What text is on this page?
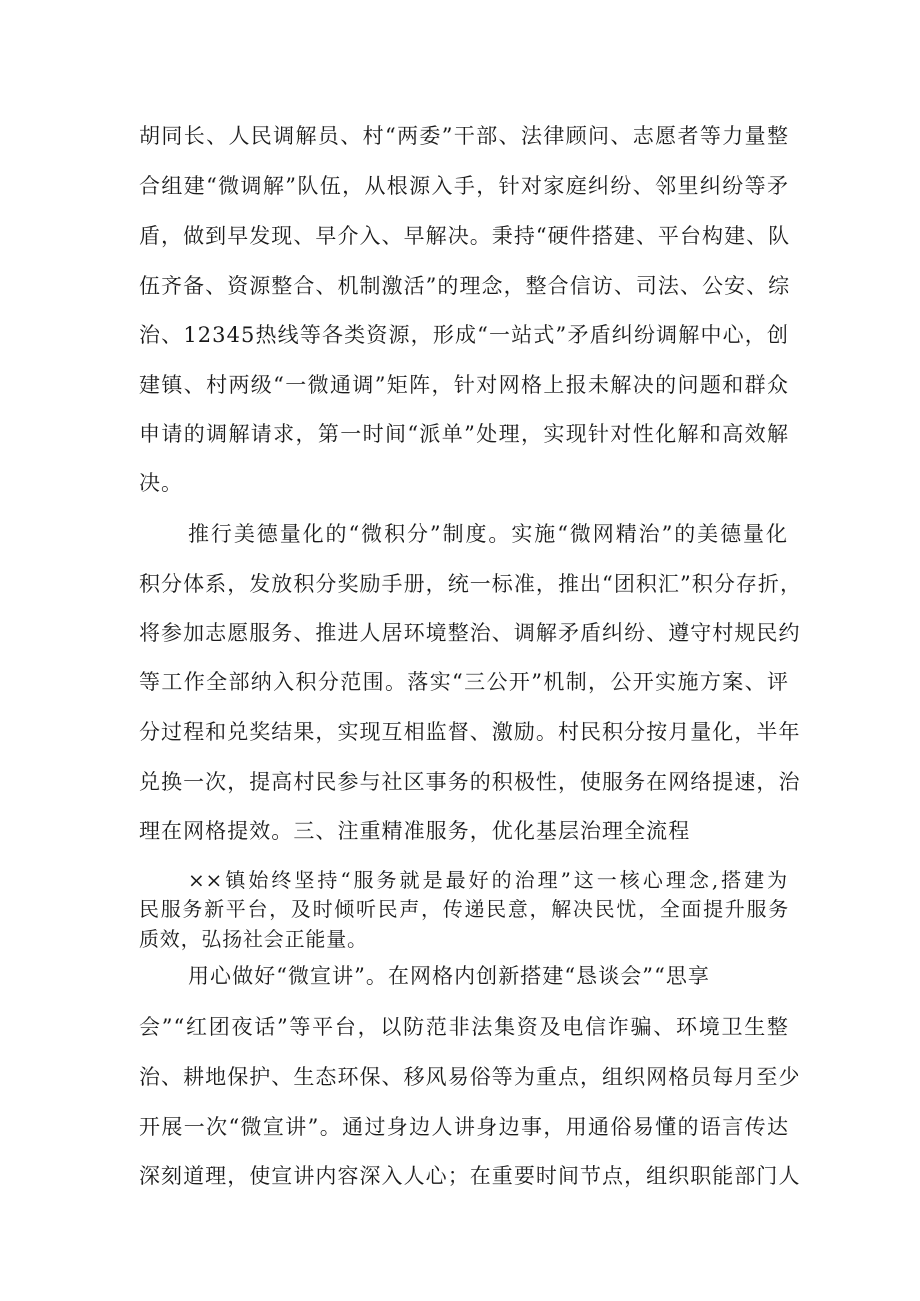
胡同长、人民调解员、村“两委”干部、法律顾问、志愿者等力量整
合组建“微调解”队伍，从根源入手，针对家庭纠纷、邻里纠纷等矛
盾，做到早发现、早介入、早解决。秉持“硬件搭建、平台构建、队
伍齐备、资源整合、机制激活”的理念，整合信访、司法、公安、综
治、12345热线等各类资源，形成“一站式”矛盾纠纷调解中心，创
建镇、村两级“一微通调”矩阵，针对网格上报未解决的问题和群众
申请的调解请求，第一时间“派单”处理，实现针对性化解和高效解
决。
推行美德量化的“微积分”制度。实施“微网精治”的美德量化
积分体系，发放积分奖励手册，统一标准，推出“团积汇”积分存折，
将参加志愿服务、推进人居环境整治、调解矛盾纠纷、遵守村规民约
等工作全部纳入积分范围。落实“三公开”机制，公开实施方案、评
分过程和兑奖结果，实现互相监督、激励。村民积分按月量化，半年
兑换一次，提高村民参与社区事务的积极性，使服务在网络提速，治
理在网格提效。三、注重精准服务，优化基层治理全流程
××镇始终坚持“服务就是最好的治理”这一核心理念,搭建为
民服务新平台，及时倾听民声，传递民意，解决民忧，全面提升服务
质效，弘扬社会正能量。
用心做好“微宣讲”。在网格内创新搭建“恳谈会”“思享
会”“红团夜话”等平台，以防范非法集资及电信诈骗、环境卫生整
治、耕地保护、生态环保、移风易俗等为重点，组织网格员每月至少
开展一次“微宣讲”。通过身边人讲身边事，用通俗易懂的语言传达
深刻道理，使宣讲内容深入人心；在重要时间节点，组织职能部门人
